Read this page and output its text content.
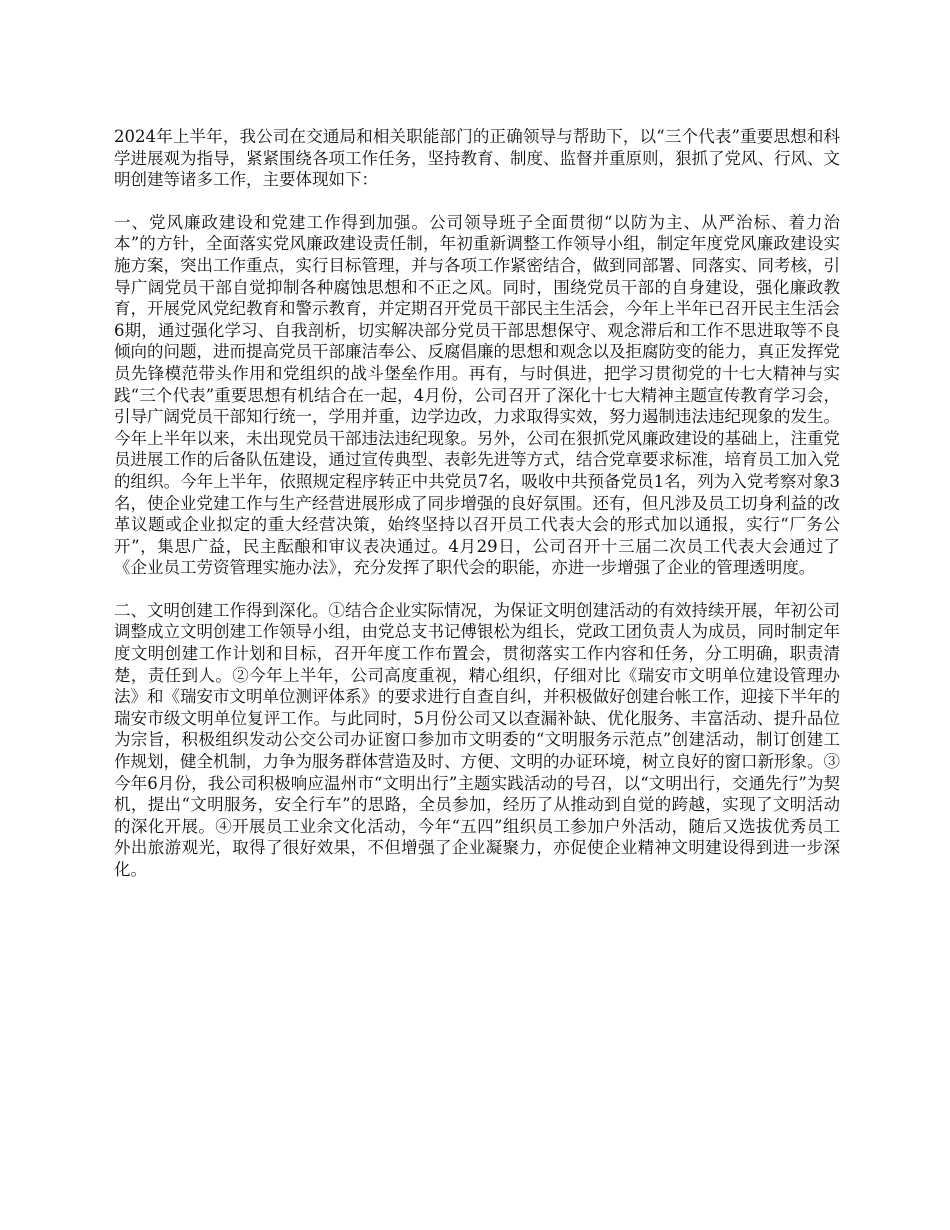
2024年上半年，我公司在交通局和相关职能部门的正确领导与帮助下，以“三个代表”重要思想和科学进展观为指导，紧紧围绕各项工作任务，坚持教育、制度、监督并重原则，狠抓了党风、行风、文明创建等诸多工作，主要体现如下：

一、党风廉政建设和党建工作得到加强。公司领导班子全面贯彻“以防为主、从严治标、着力治本”的方针，全面落实党风廉政建设责任制，年初重新调整工作领导小组，制定年度党风廉政建设实施方案，突出工作重点，实行目标管理，并与各项工作紧密结合，做到同部署、同落实、同考核，引导广阔党员干部自觉抑制各种腐蚀思想和不正之风。同时，围绕党员干部的自身建设，强化廉政教育，开展党风党纪教育和警示教育，并定期召开党员干部民主生活会，今年上半年已召开民主生活会6期，通过强化学习、自我剖析，切实解决部分党员干部思想保守、观念滞后和工作不思进取等不良倾向的问题，进而提高党员干部廉洁奉公、反腐倡廉的思想和观念以及拒腐防变的能力，真正发挥党员先锋模范带头作用和党组织的战斗堡垒作用。再有，与时俱进，把学习贯彻党的十七大精神与实践“三个代表”重要思想有机结合在一起，4月份，公司召开了深化十七大精神主题宣传教育学习会，引导广阔党员干部知行统一，学用并重，边学边改，力求取得实效，努力遏制违法违纪现象的发生。今年上半年以来，未出现党员干部违法违纪现象。另外，公司在狠抓党风廉政建设的基础上，注重党员进展工作的后备队伍建设，通过宣传典型、表彰先进等方式，结合党章要求标准，培育员工加入党的组织。今年上半年，依照规定程序转正中共党员7名，吸收中共预备党员1名，列为入党考察对象3名，使企业党建工作与生产经营进展形成了同步增强的良好氛围。还有，但凡涉及员工切身利益的改革议题或企业拟定的重大经营决策，始终坚持以召开员工代表大会的形式加以通报，实行“厂务公开”，集思广益，民主酝酿和审议表决通过。4月29日，公司召开十三届二次员工代表大会通过了《企业员工劳资管理实施办法》，充分发挥了职代会的职能，亦进一步增强了企业的管理透明度。

二、文明创建工作得到深化。①结合企业实际情况，为保证文明创建活动的有效持续开展，年初公司调整成立文明创建工作领导小组，由党总支书记傅银松为组长，党政工团负责人为成员，同时制定年度文明创建工作计划和目标，召开年度工作布置会，贯彻落实工作内容和任务，分工明确，职责清楚，责任到人。②今年上半年，公司高度重视，精心组织，仔细对比《瑞安市文明单位建设管理办法》和《瑞安市文明单位测评体系》的要求进行自查自纠，并积极做好创建台帐工作，迎接下半年的瑞安市级文明单位复评工作。与此同时，5月份公司又以查漏补缺、优化服务、丰富活动、提升品位为宗旨，积极组织发动公交公司办证窗口参加市文明委的“文明服务示范点”创建活动，制订创建工作规划，健全机制，力争为服务群体营造及时、方便、文明的办证环境，树立良好的窗口新形象。③今年6月份，我公司积极响应温州市“文明出行”主题实践活动的号召，以“文明出行，交通先行”为契机，提出“文明服务，安全行车”的思路，全员参加，经历了从推动到自觉的跨越，实现了文明活动的深化开展。④开展员工业余文化活动，今年“五四”组织员工参加户外活动，随后又选拔优秀员工外出旅游观光，取得了很好效果，不但增强了企业凝聚力，亦促使企业精神文明建设得到进一步深化。
